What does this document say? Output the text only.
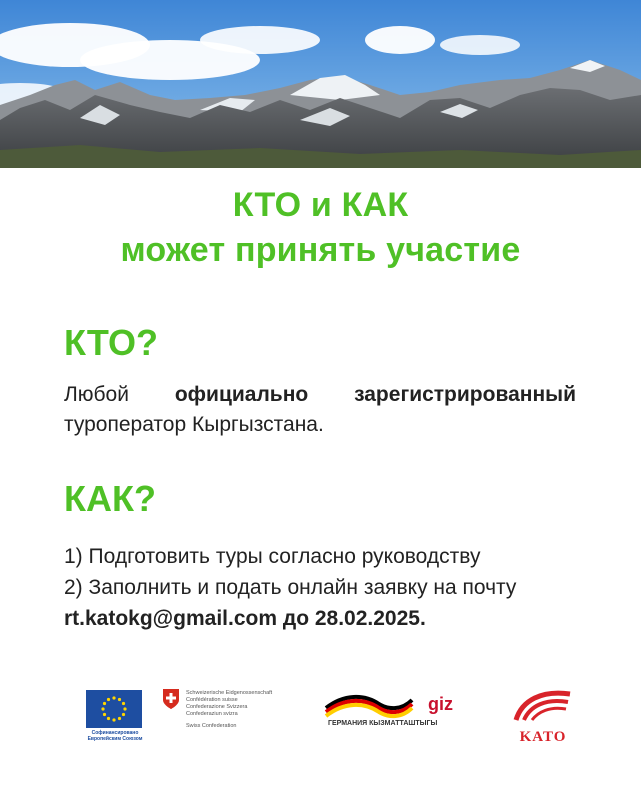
КТО и КАК
может принять участие
КТО?
Любой официально зарегистрированный
туроператор Кыргызстана.
КАК?
1) Подготовить туры согласно руководству
2) Заполнить и подать онлайн заявку на почту
rt.katokg@gmail.com до 28.02.2025.
Софинансировано Европейским Союзом
Schweizerische Eidgenossenschaft
Confédération suisse
Confederazione Svizzera
Confederaziun svizra
Swiss Confederation	ГЕРМАНИЯ КЫЗМАТТАШТЫГЫ
giz
KATO
